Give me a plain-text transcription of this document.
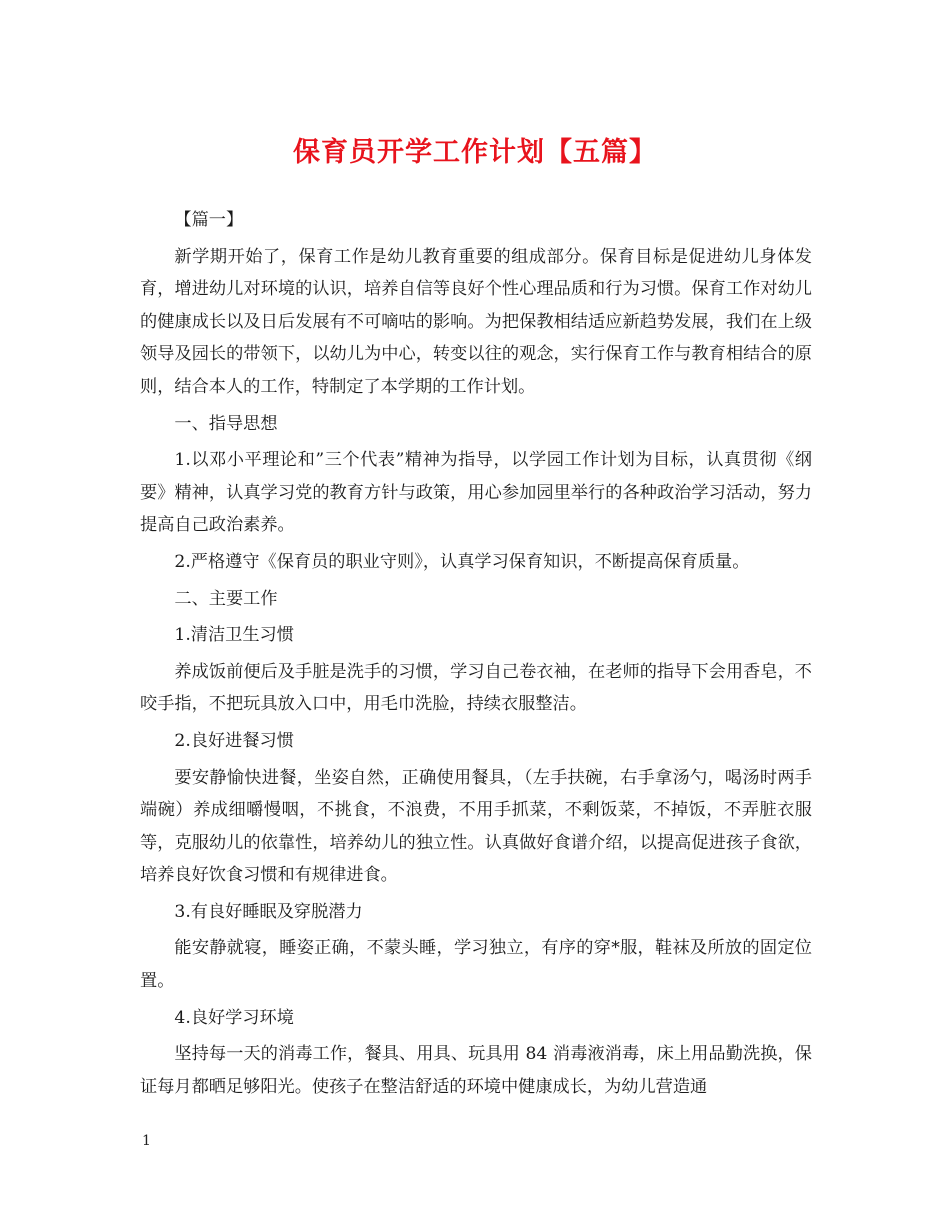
保育员开学工作计划【五篇】

【篇一】

新学期开始了，保育工作是幼儿教育重要的组成部分。保育目标是促进幼儿身体发育，增进幼儿对环境的认识，培养自信等良好个性心理品质和行为习惯。保育工作对幼儿的健康成长以及日后发展有不可嘀咕的影响。为把保教相结适应新趋势发展，我们在上级领导及园长的带领下，以幼儿为中心，转变以往的观念，实行保育工作与教育相结合的原则，结合本人的工作，特制定了本学期的工作计划。

一、指导思想

1.以邓小平理论和”三个代表”精神为指导，以学园工作计划为目标，认真贯彻《纲要》精神，认真学习党的教育方针与政策，用心参加园里举行的各种政治学习活动，努力提高自己政治素养。

2.严格遵守《保育员的职业守则》，认真学习保育知识，不断提高保育质量。

二、主要工作

1.清洁卫生习惯

养成饭前便后及手脏是洗手的习惯，学习自己卷衣袖，在老师的指导下会用香皂，不咬手指，不把玩具放入口中，用毛巾洗脸，持续衣服整洁。

2.良好进餐习惯

要安静愉快进餐，坐姿自然，正确使用餐具，（左手扶碗，右手拿汤勺，喝汤时两手端碗）养成细嚼慢咽，不挑食，不浪费，不用手抓菜，不剩饭菜，不掉饭，不弄脏衣服等，克服幼儿的依靠性，培养幼儿的独立性。认真做好食谱介绍，以提高促进孩子食欲，培养良好饮食习惯和有规律进食。

3.有良好睡眠及穿脱潜力

能安静就寝，睡姿正确，不蒙头睡，学习独立，有序的穿*服，鞋袜及所放的固定位置。

4.良好学习环境

坚持每一天的消毒工作，餐具、用具、玩具用 84 消毒液消毒，床上用品勤洗换，保证每月都晒足够阳光。使孩子在整洁舒适的环境中健康成长，为幼儿营造通

1
